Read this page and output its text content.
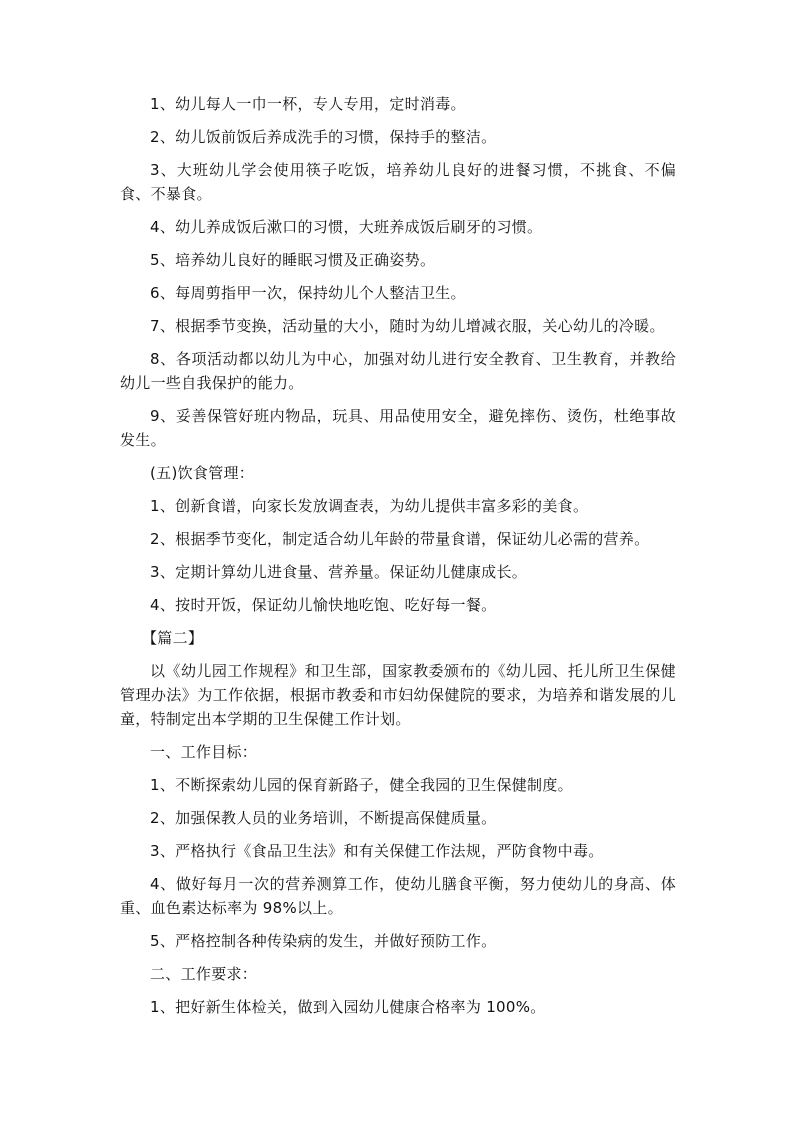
1、幼儿每人一巾一杯，专人专用，定时消毒。

2、幼儿饭前饭后养成洗手的习惯，保持手的整洁。

3、大班幼儿学会使用筷子吃饭，培养幼儿良好的进餐习惯，不挑食、不偏食、不暴食。

4、幼儿养成饭后漱口的习惯，大班养成饭后刷牙的习惯。

5、培养幼儿良好的睡眠习惯及正确姿势。

6、每周剪指甲一次，保持幼儿个人整洁卫生。

7、根据季节变换，活动量的大小，随时为幼儿增减衣服，关心幼儿的冷暖。

8、各项活动都以幼儿为中心，加强对幼儿进行安全教育、卫生教育，并教给幼儿一些自我保护的能力。

9、妥善保管好班内物品，玩具、用品使用安全，避免摔伤、烫伤，杜绝事故发生。

(五)饮食管理：

1、创新食谱，向家长发放调查表，为幼儿提供丰富多彩的美食。

2、根据季节变化，制定适合幼儿年龄的带量食谱，保证幼儿必需的营养。

3、定期计算幼儿进食量、营养量。保证幼儿健康成长。

4、按时开饭，保证幼儿愉快地吃饱、吃好每一餐。

【篇二】

以《幼儿园工作规程》和卫生部，国家教委颁布的《幼儿园、托儿所卫生保健管理办法》为工作依据，根据市教委和市妇幼保健院的要求，为培养和谐发展的儿童，特制定出本学期的卫生保健工作计划。

一、工作目标：

1、不断探索幼儿园的保育新路子，健全我园的卫生保健制度。

2、加强保教人员的业务培训，不断提高保健质量。

3、严格执行《食品卫生法》和有关保健工作法规，严防食物中毒。

4、做好每月一次的营养测算工作，使幼儿膳食平衡，努力使幼儿的身高、体重、血色素达标率为 98%以上。

5、严格控制各种传染病的发生，并做好预防工作。

二、工作要求：

1、把好新生体检关，做到入园幼儿健康合格率为 100%。
